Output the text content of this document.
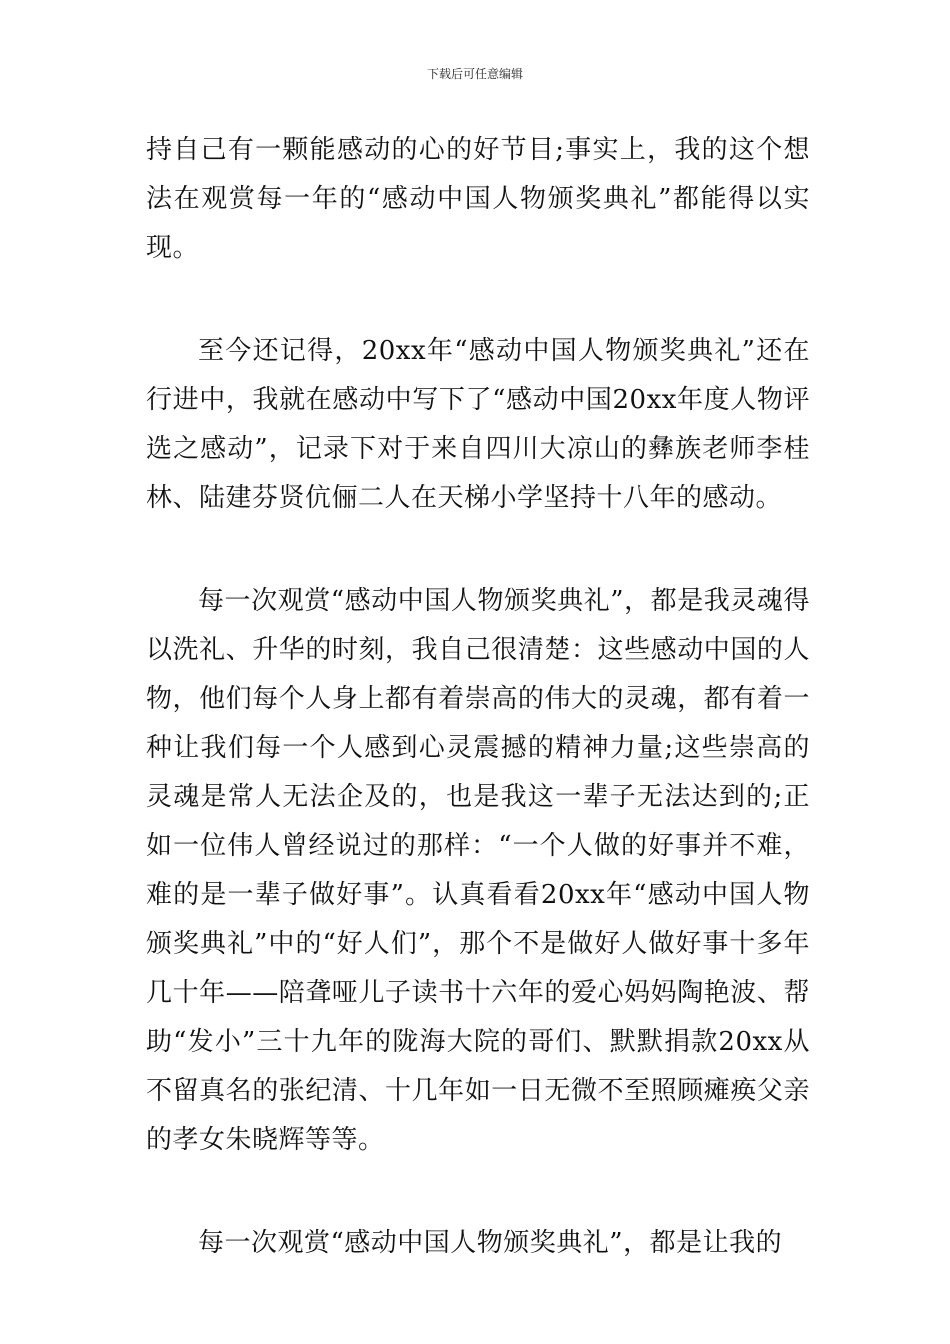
下载后可任意编辑

持自己有一颗能感动的心的好节目;事实上，我的这个想法在观赏每一年的“感动中国人物颁奖典礼”都能得以实现。

至今还记得，20xx年“感动中国人物颁奖典礼”还在行进中，我就在感动中写下了“感动中国20xx年度人物评选之感动”，记录下对于来自四川大凉山的彝族老师李桂林、陆建芬贤伉俪二人在天梯小学坚持十八年的感动。

每一次观赏“感动中国人物颁奖典礼”，都是我灵魂得以洗礼、升华的时刻，我自己很清楚：这些感动中国的人物，他们每个人身上都有着崇高的伟大的灵魂，都有着一种让我们每一个人感到心灵震撼的精神力量;这些崇高的灵魂是常人无法企及的，也是我这一辈子无法达到的;正如一位伟人曾经说过的那样：“一个人做的好事并不难，难的是一辈子做好事”。认真看看20xx年“感动中国人物颁奖典礼”中的“好人们”，那个不是做好人做好事十多年几十年——陪聋哑儿子读书十六年的爱心妈妈陶艳波、帮助“发小”三十九年的陇海大院的哥们、默默捐款20xx从不留真名的张纪清、十几年如一日无微不至照顾瘫痪父亲的孝女朱晓辉等等。

每一次观赏“感动中国人物颁奖典礼”，都是让我的
